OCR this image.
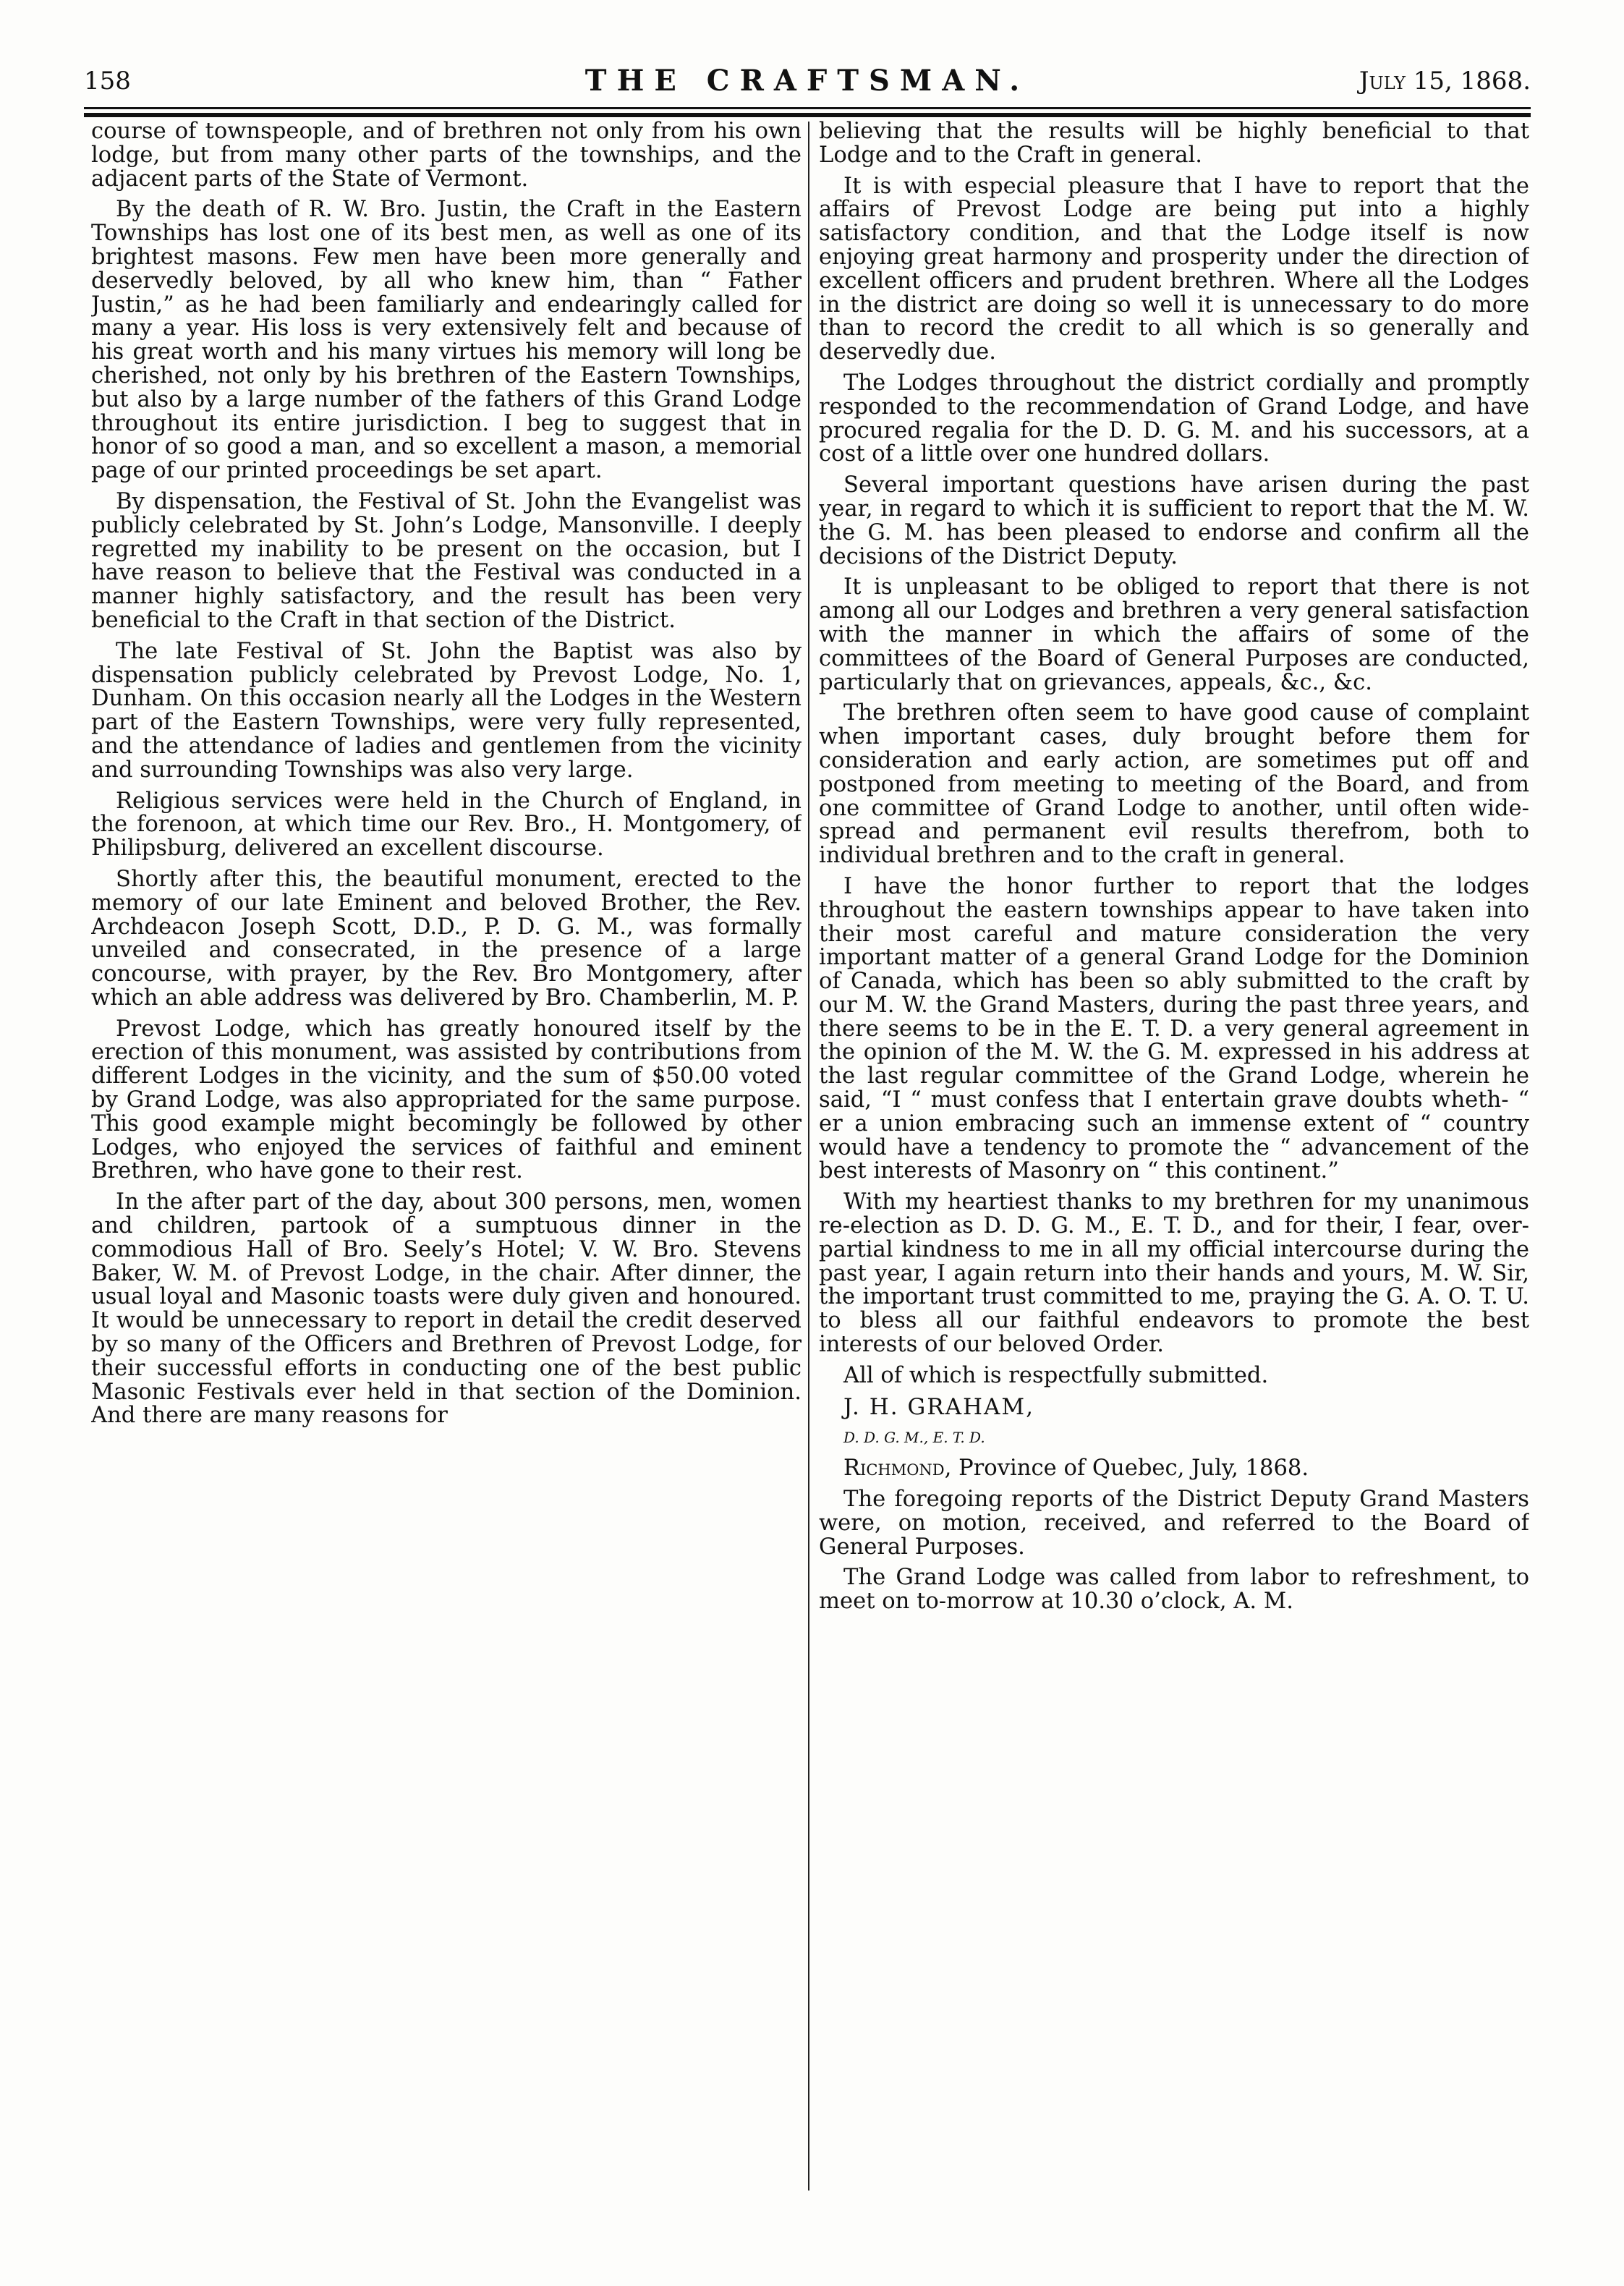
158	THE CRAFTSMAN.	July 15, 1868.

course of townspeople, and of brethren not only from his own lodge, but from many other parts of the townships, and the adjacent parts of the State of Vermont.

By the death of R. W. Bro. Justin, the Craft in the Eastern Townships has lost one of its best men, as well as one of its brightest masons. Few men have been more generally and deservedly beloved, by all who knew him, than “ Father Justin,” as he had been familiarly and endearingly called for many a year. His loss is very extensively felt and because of his great worth and his many virtues his memory will long be cherished, not only by his brethren of the Eastern Townships, but also by a large number of the fathers of this Grand Lodge throughout its entire jurisdiction. I beg to suggest that in honor of so good a man, and so excellent a mason, a memorial page of our printed proceedings be set apart.

By dispensation, the Festival of St. John the Evangelist was publicly celebrated by St. John’s Lodge, Mansonville. I deeply regretted my inability to be present on the occasion, but I have reason to believe that the Festival was conducted in a manner highly satisfactory, and the result has been very beneficial to the Craft in that section of the District.

The late Festival of St. John the Baptist was also by dispensation publicly celebrated by Prevost Lodge, No. 1, Dunham. On this occasion nearly all the Lodges in the Western part of the Eastern Townships, were very fully represented, and the attendance of ladies and gentlemen from the vicinity and surrounding Townships was also very large.

Religious services were held in the Church of England, in the forenoon, at which time our Rev. Bro., H. Montgomery, of Philipsburg, delivered an excellent discourse.

Shortly after this, the beautiful monument, erected to the memory of our late Eminent and beloved Brother, the Rev. Archdeacon Joseph Scott, D.D., P. D. G. M., was formally unveiled and consecrated, in the presence of a large concourse, with prayer, by the Rev. Bro Montgomery, after which an able address was delivered by Bro. Chamberlin, M. P.

Prevost Lodge, which has greatly honoured itself by the erection of this monument, was assisted by contributions from different Lodges in the vicinity, and the sum of $50.00 voted by Grand Lodge, was also appropriated for the same purpose. This good example might becomingly be followed by other Lodges, who enjoyed the services of faithful and eminent Brethren, who have gone to their rest.

In the after part of the day, about 300 persons, men, women and children, partook of a sumptuous dinner in the commodious Hall of Bro. Seely’s Hotel; V. W. Bro. Stevens Baker, W. M. of Prevost Lodge, in the chair. After dinner, the usual loyal and Masonic toasts were duly given and honoured. It would be unnecessary to report in detail the credit deserved by so many of the Officers and Brethren of Prevost Lodge, for their successful efforts in conducting one of the best public Masonic Festivals ever held in that section of the Dominion. And there are many reasons for

believing that the results will be highly beneficial to that Lodge and to the Craft in general.

It is with especial pleasure that I have to report that the affairs of Prevost Lodge are being put into a highly satisfactory condition, and that the Lodge itself is now enjoying great harmony and prosperity under the direction of excellent officers and prudent brethren. Where all the Lodges in the district are doing so well it is unnecessary to do more than to record the credit to all which is so generally and deservedly due.

The Lodges throughout the district cordially and promptly responded to the recommendation of Grand Lodge, and have procured regalia for the D. D. G. M. and his successors, at a cost of a little over one hundred dollars.

Several important questions have arisen during the past year, in regard to which it is sufficient to report that the M. W. the G. M. has been pleased to endorse and confirm all the decisions of the District Deputy.

It is unpleasant to be obliged to report that there is not among all our Lodges and brethren a very general satisfaction with the manner in which the affairs of some of the committees of the Board of General Purposes are conducted, particularly that on grievances, appeals, &c., &c.

The brethren often seem to have good cause of complaint when important cases, duly brought before them for consideration and early action, are sometimes put off and postponed from meeting to meeting of the Board, and from one committee of Grand Lodge to another, until often wide-spread and permanent evil results therefrom, both to individual brethren and to the craft in general.

I have the honor further to report that the lodges throughout the eastern townships appear to have taken into their most careful and mature consideration the very important matter of a general Grand Lodge for the Dominion of Canada, which has been so ably submitted to the craft by our M. W. the Grand Masters, during the past three years, and there seems to be in the E. T. D. a very general agreement in the opinion of the M. W. the G. M. expressed in his address at the last regular committee of the Grand Lodge, wherein he said, “I “ must confess that I entertain grave doubts wheth- “ er a union embracing such an immense extent of “ country would have a tendency to promote the “ advancement of the best interests of Masonry on “ this continent.”

With my heartiest thanks to my brethren for my unanimous re-election as D. D. G. M., E. T. D., and for their, I fear, over-partial kindness to me in all my official intercourse during the past year, I again return into their hands and yours, M. W. Sir, the important trust committed to me, praying the G. A. O. T. U. to bless all our faithful endeavors to promote the best interests of our beloved Order.

All of which is respectfully submitted.

J. H. GRAHAM,

D. D. G. M., E. T. D.

Richmond, Province of Quebec, July, 1868.

The foregoing reports of the District Deputy Grand Masters were, on motion, received, and referred to the Board of General Purposes.

The Grand Lodge was called from labor to refreshment, to meet on to-morrow at 10.30 o’clock, A. M.
